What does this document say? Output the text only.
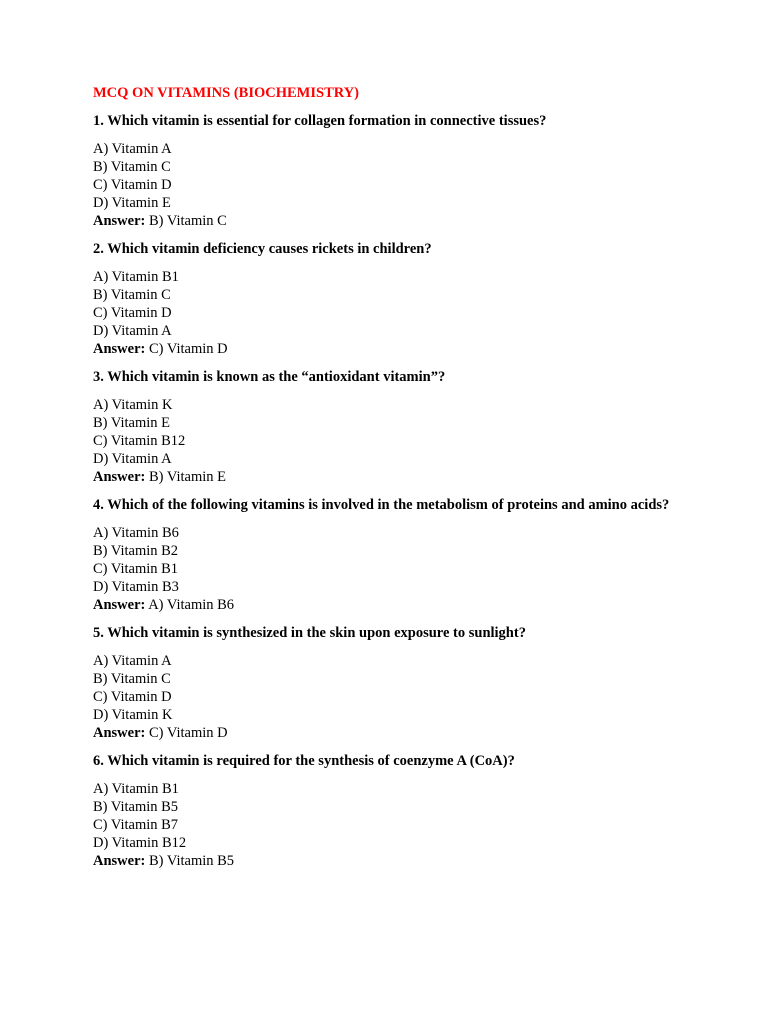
MCQ ON VITAMINS (BIOCHEMISTRY)

1. Which vitamin is essential for collagen formation in connective tissues?

A) Vitamin A

B) Vitamin C

C) Vitamin D

D) Vitamin E

Answer: B) Vitamin C

2. Which vitamin deficiency causes rickets in children?

A) Vitamin B1

B) Vitamin C

C) Vitamin D

D) Vitamin A

Answer: C) Vitamin D

3. Which vitamin is known as the “antioxidant vitamin”?

A) Vitamin K

B) Vitamin E

C) Vitamin B12

D) Vitamin A

Answer: B) Vitamin E

4. Which of the following vitamins is involved in the metabolism of proteins and amino acids?

A) Vitamin B6

B) Vitamin B2

C) Vitamin B1

D) Vitamin B3

Answer: A) Vitamin B6

5. Which vitamin is synthesized in the skin upon exposure to sunlight?

A) Vitamin A

B) Vitamin C

C) Vitamin D

D) Vitamin K

Answer: C) Vitamin D

6. Which vitamin is required for the synthesis of coenzyme A (CoA)?

A) Vitamin B1

B) Vitamin B5

C) Vitamin B7

D) Vitamin B12

Answer: B) Vitamin B5
